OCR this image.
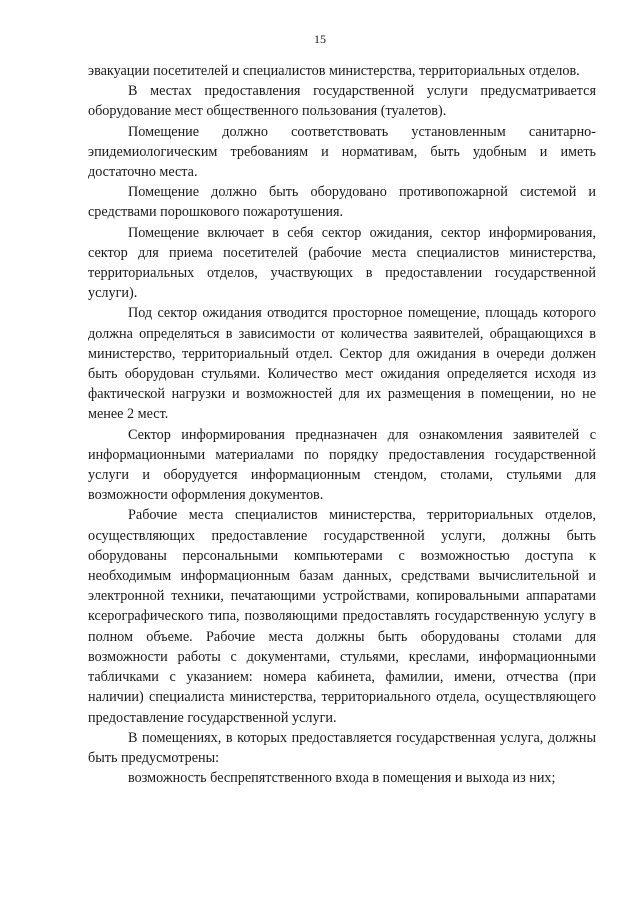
15

эвакуации посетителей и специалистов министерства, территориальных отделов.

В местах предоставления государственной услуги предусматривается оборудование мест общественного пользования (туалетов).

Помещение должно соответствовать установленным санитарно-эпидемиологическим требованиям и нормативам, быть удобным и иметь достаточно места.

Помещение должно быть оборудовано противопожарной системой и средствами порошкового пожаротушения.

Помещение включает в себя сектор ожидания, сектор информирования, сектор для приема посетителей (рабочие места специалистов министерства, территориальных отделов, участвующих в предоставлении государственной услуги).

Под сектор ожидания отводится просторное помещение, площадь которого должна определяться в зависимости от количества заявителей, обращающихся в министерство, территориальный отдел. Сектор для ожидания в очереди должен быть оборудован стульями. Количество мест ожидания определяется исходя из фактической нагрузки и возможностей для их размещения в помещении, но не менее 2 мест.

Сектор информирования предназначен для ознакомления заявителей с информационными материалами по порядку предоставления государственной услуги и оборудуется информационным стендом, столами, стульями для возможности оформления документов.

Рабочие места специалистов министерства, территориальных отделов, осуществляющих предоставление государственной услуги, должны быть оборудованы персональными компьютерами с возможностью доступа к необходимым информационным базам данных, средствами вычислительной и электронной техники, печатающими устройствами, копировальными аппаратами ксерографического типа, позволяющими предоставлять государственную услугу в полном объеме. Рабочие места должны быть оборудованы столами для возможности работы с документами, стульями, креслами, информационными табличками с указанием: номера кабинета, фамилии, имени, отчества (при наличии) специалиста министерства, территориального отдела, осуществляющего предоставление государственной услуги.

В помещениях, в которых предоставляется государственная услуга, должны быть предусмотрены:

возможность беспрепятственного входа в помещения и выхода из них;
